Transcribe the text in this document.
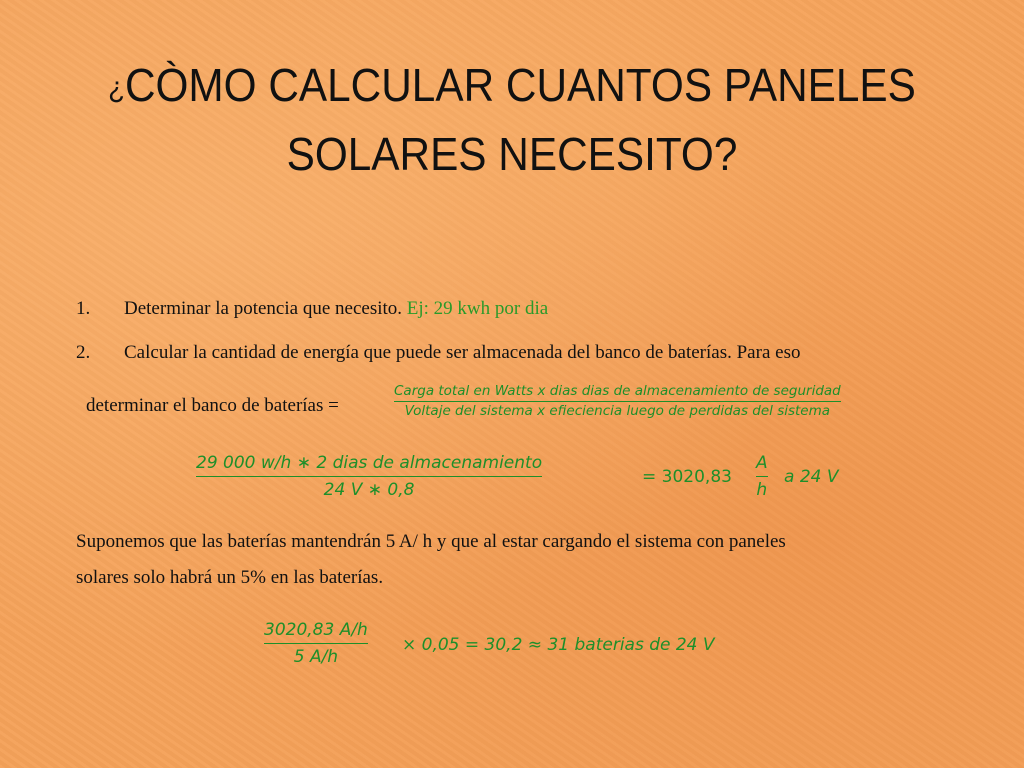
¿CÒMO CALCULAR CUANTOS PANELES
SOLARES NECESITO?
1. Determinar la potencia que necesito. Ej: 29 kwh por dia
2. Calcular la cantidad de energía que puede ser almacenada del banco de baterías. Para eso
determinar el banco de baterías =
Carga total en Watts x dias dias de almacenamiento de seguridad
Voltaje del sistema x efieciencia luego de perdidas del sistema
29 000 w/h ∗ 2 dias de almacenamiento
24 V ∗ 0,8
= 3020,83
A
h
a 24 V
Suponemos que las baterías mantendrán 5 A/ h y que al estar cargando el sistema con paneles
solares solo habrá un 5% en las baterías.
3020,83 A/h
5 A/h
× 0,05 = 30,2 ≈ 31 baterias de 24 V
